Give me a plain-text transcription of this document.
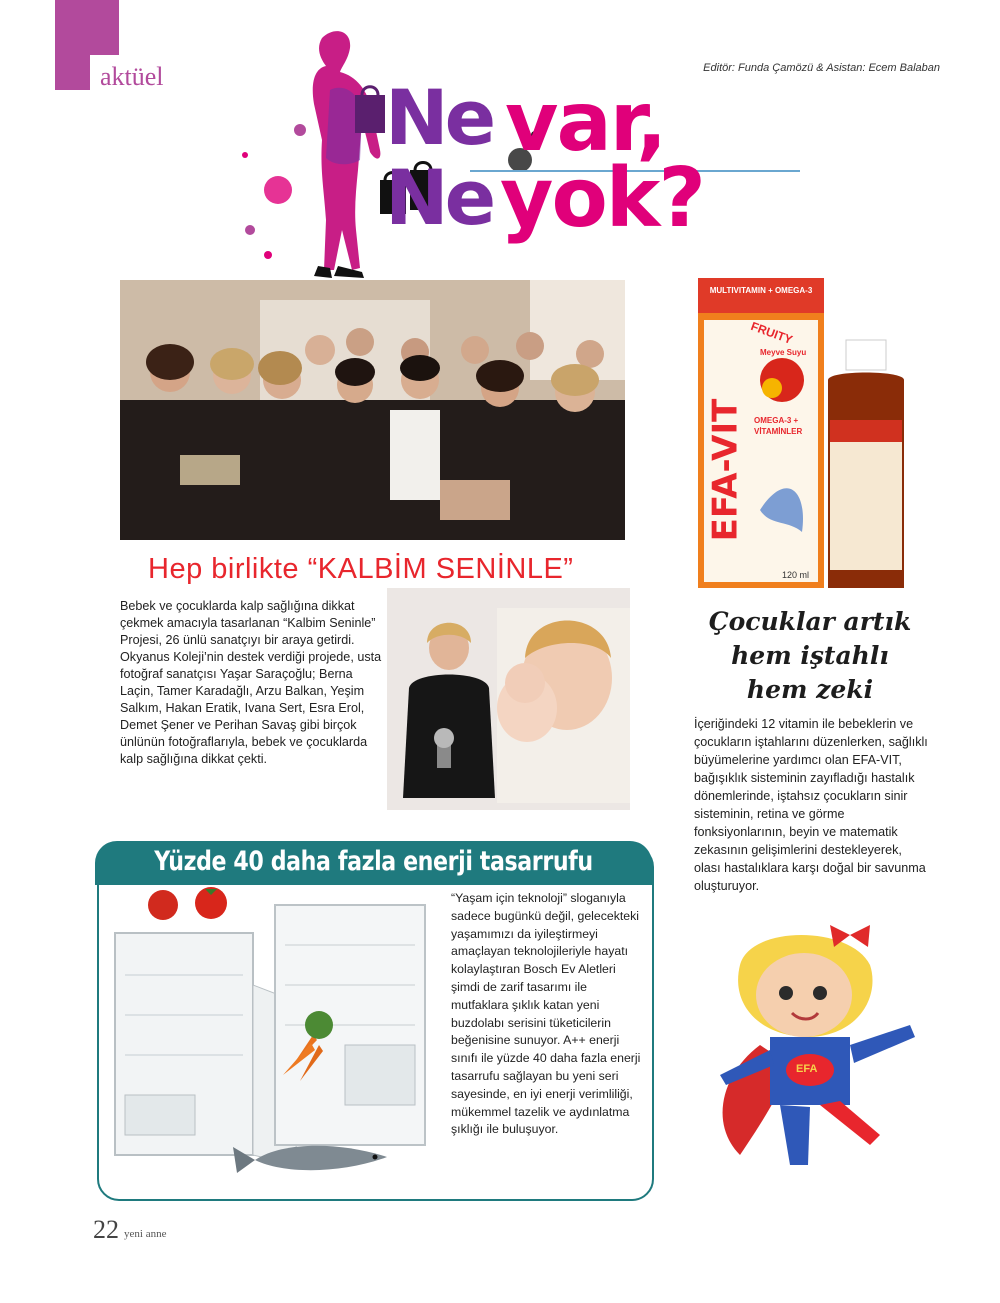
aktüel	Editör: Funda Çamözü & Asistan: Ecem Balaban
Ne var,
Ne yok?
Hep birlikte “KALBİM SENİNLE”
Bebek ve çocuklarda kalp sağlığına dikkat çekmek amacıyla tasarlanan “Kalbim Seninle” Projesi, 26 ünlü sanatçıyı bir araya getirdi. Okyanus Koleji’nin destek verdiği projede, usta fotoğraf sanatçısı Yaşar Saraçoğlu; Berna Laçin, Tamer Karadağlı, Arzu Balkan, Yeşim Salkım, Hakan Eratik, Ivana Sert, Esra Erol, Demet Şener ve Perihan Savaş gibi birçok ünlünün fotoğraflarıyla, bebek ve çocuklarda kalp sağlığına dikkat çekti.
Yüzde 40 daha fazla enerji tasarrufu
“Yaşam için teknoloji” sloganıyla sadece bugünkü değil, gelecekteki yaşamımızı da iyileştirmeyi amaçlayan teknolojileriyle hayatı kolaylaştıran Bosch Ev Aletleri şimdi de zarif tasarımı ile mutfaklara şıklık katan yeni buzdolabı serisini tüketicilerin beğenisine sunuyor. A++ enerji sınıfı ile yüzde 40 daha fazla enerji tasarrufu sağlayan bu yeni seri sayesinde, en iyi enerji verimliliği, mükemmel tazelik ve aydınlatma şıklığı ile buluşuyor.
MULTIVITAMIN + OMEGA-3
FRUITY
Meyve Suyu
OMEGA-3 + VİTAMİNLER
EFA-VIT
120 ml
Çocuklar artık
hem iştahlı
hem zeki
İçeriğindeki 12 vitamin ile bebeklerin ve çocukların iştahlarını düzenlerken, sağlıklı büyümelerine yardımcı olan EFA-VIT, bağışıklık sisteminin zayıfladığı hastalık dönemlerinde, iştahsız çocukların sinir sisteminin, retina ve görme fonksiyonlarının, beyin ve matematik zekasının gelişimlerini destekleyerek, olası hastalıklara karşı doğal bir savunma oluşturuyor.
EFA
22 yeni anne
